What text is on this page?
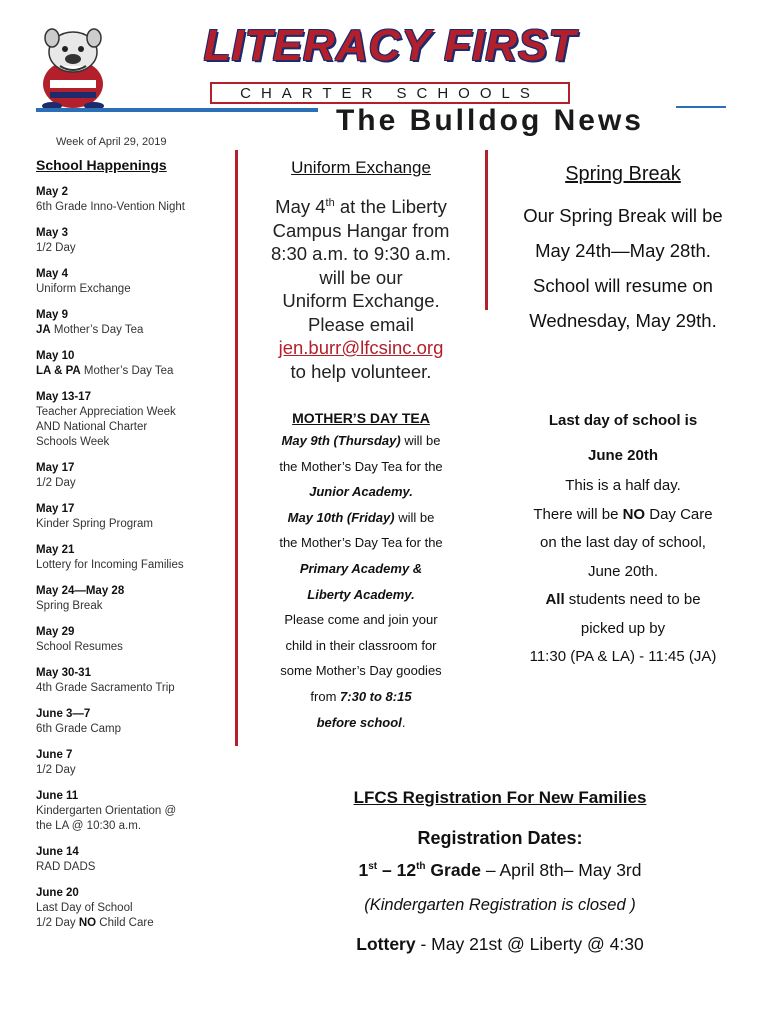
LITERACY FIRST
CHARTER SCHOOLS
The Bulldog News
Week of April 29, 2019
School Happenings
May 2
6th Grade Inno-Vention Night
May 3
1/2 Day
May 4
Uniform Exchange
May 9
JA Mother’s Day Tea
May 10
LA & PA Mother’s Day Tea
May 13-17
Teacher Appreciation Week
AND National Charter
Schools Week
May 17
1/2 Day
May 17
Kinder Spring Program
May 21
Lottery for Incoming Families
May 24—May 28
Spring Break
May 29
School Resumes
May 30-31
4th Grade Sacramento Trip
June 3—7
6th Grade Camp
June 7
1/2 Day
June 11
Kindergarten Orientation @
the LA @ 10:30 a.m.
June 14
RAD DADS
June 20
Last Day of School
1/2 Day NO Child Care
Uniform Exchange
May 4th at the Liberty
Campus Hangar from
8:30 a.m. to 9:30 a.m.
will be our
Uniform Exchange.
Please email
jen.burr@lfcsinc.org
to help volunteer.
MOTHER’S DAY TEA
May 9th (Thursday) will be
the Mother’s Day Tea for the
Junior Academy.
May 10th (Friday) will be
the Mother’s Day Tea for the
Primary Academy &
Liberty Academy.
Please come and join your
child in their classroom for
some Mother’s Day goodies
from 7:30 to 8:15
before school.
Spring Break
Our Spring Break will be
May 24th—May 28th.
School will resume on
Wednesday, May 29th.
Last day of school is
June 20th
This is a half day.
There will be NO Day Care
on the last day of school,
June 20th.
All students need to be
picked up by
11:30 (PA & LA) - 11:45 (JA)
LFCS Registration For New Families
Registration Dates:
1st – 12th Grade – April 8th– May 3rd
(Kindergarten Registration is closed )
Lottery - May 21st @ Liberty @ 4:30
